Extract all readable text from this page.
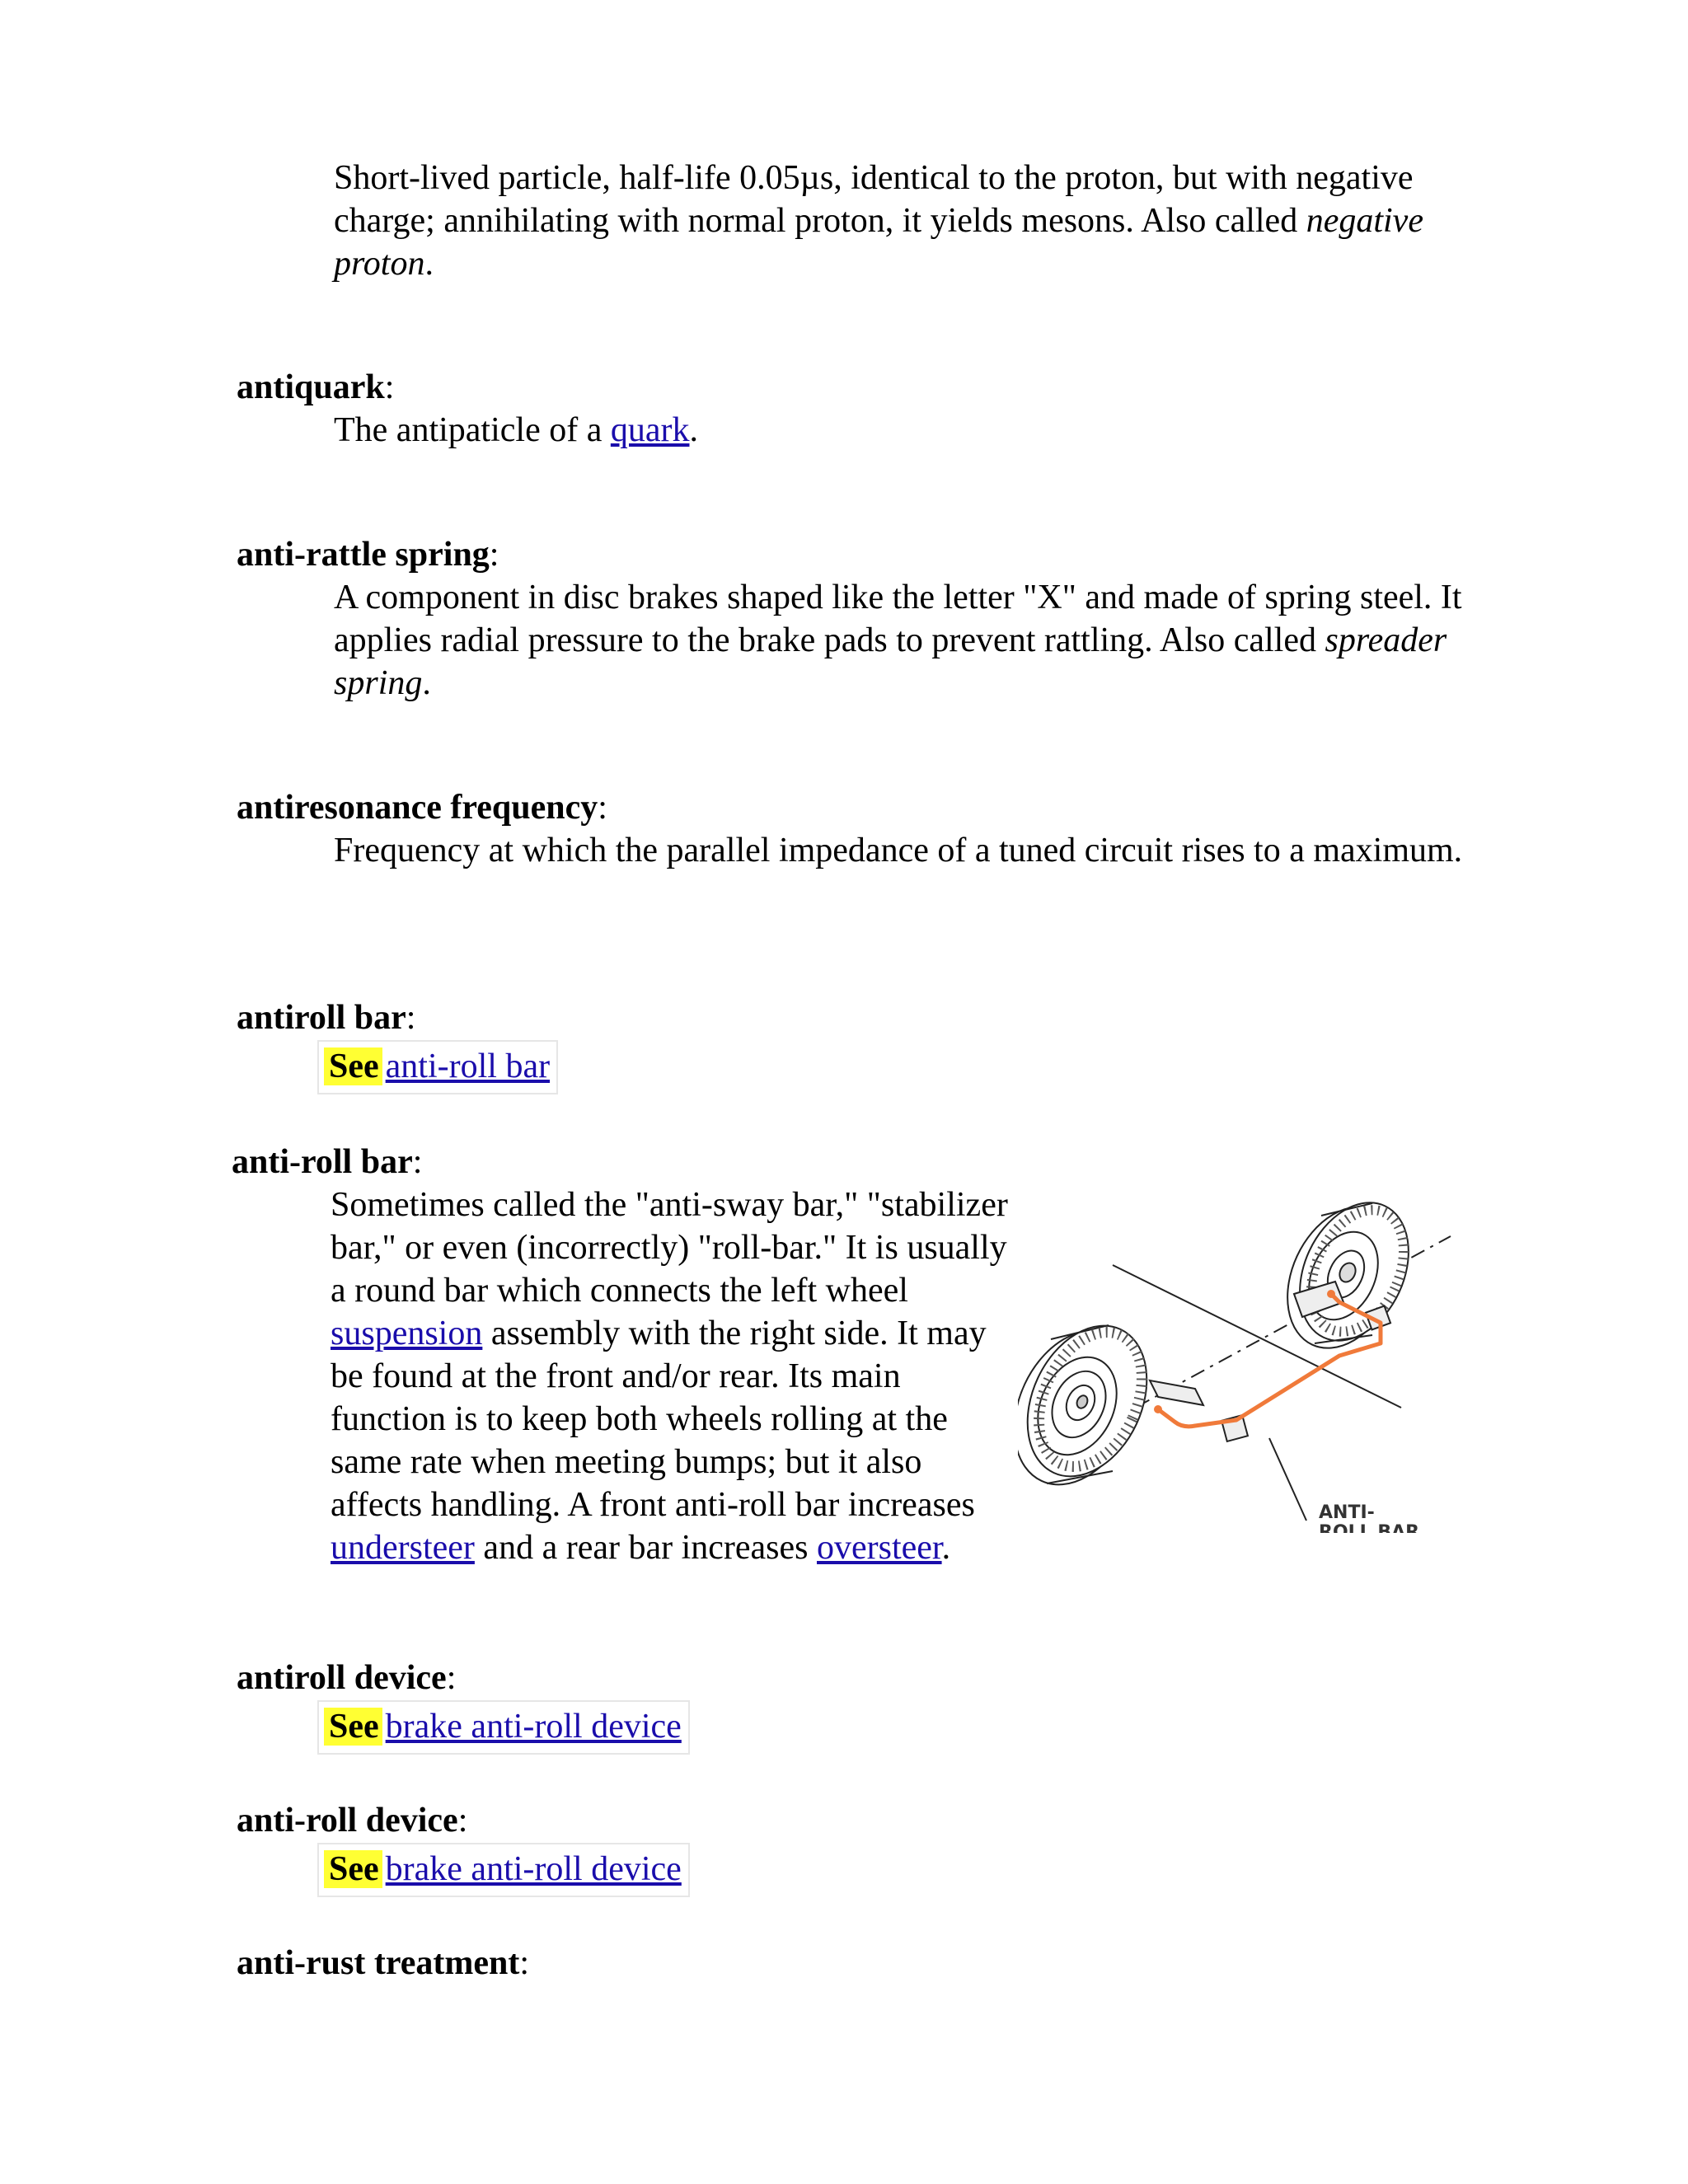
Short-lived particle, half-life 0.05µs, identical to the proton, but with negative charge; annihilating with normal proton, it yields mesons. Also called negative proton.

antiquark:

The antipaticle of a quark.

anti-rattle spring:

A component in disc brakes shaped like the letter "X" and made of spring steel. It applies radial pressure to the brake pads to prevent rattling. Also called spreader spring.

antiresonance frequency:

Frequency at which the parallel impedance of a tuned circuit rises to a maximum.

antiroll bar:

See anti-roll bar

anti-roll bar:

Sometimes called the "anti-sway bar," "stabilizer bar," or even (incorrectly) "roll-bar." It is usually a round bar which connects the left wheel suspension assembly with the right side. It may be found at the front and/or rear. Its main function is to keep both wheels rolling at the same rate when meeting bumps; but it also affects handling. A front anti-roll bar increases understeer and a rear bar increases oversteer.

ANTI-
ROLL BAR

antiroll device:

See brake anti-roll device

anti-roll device:

See brake anti-roll device

anti-rust treatment:
